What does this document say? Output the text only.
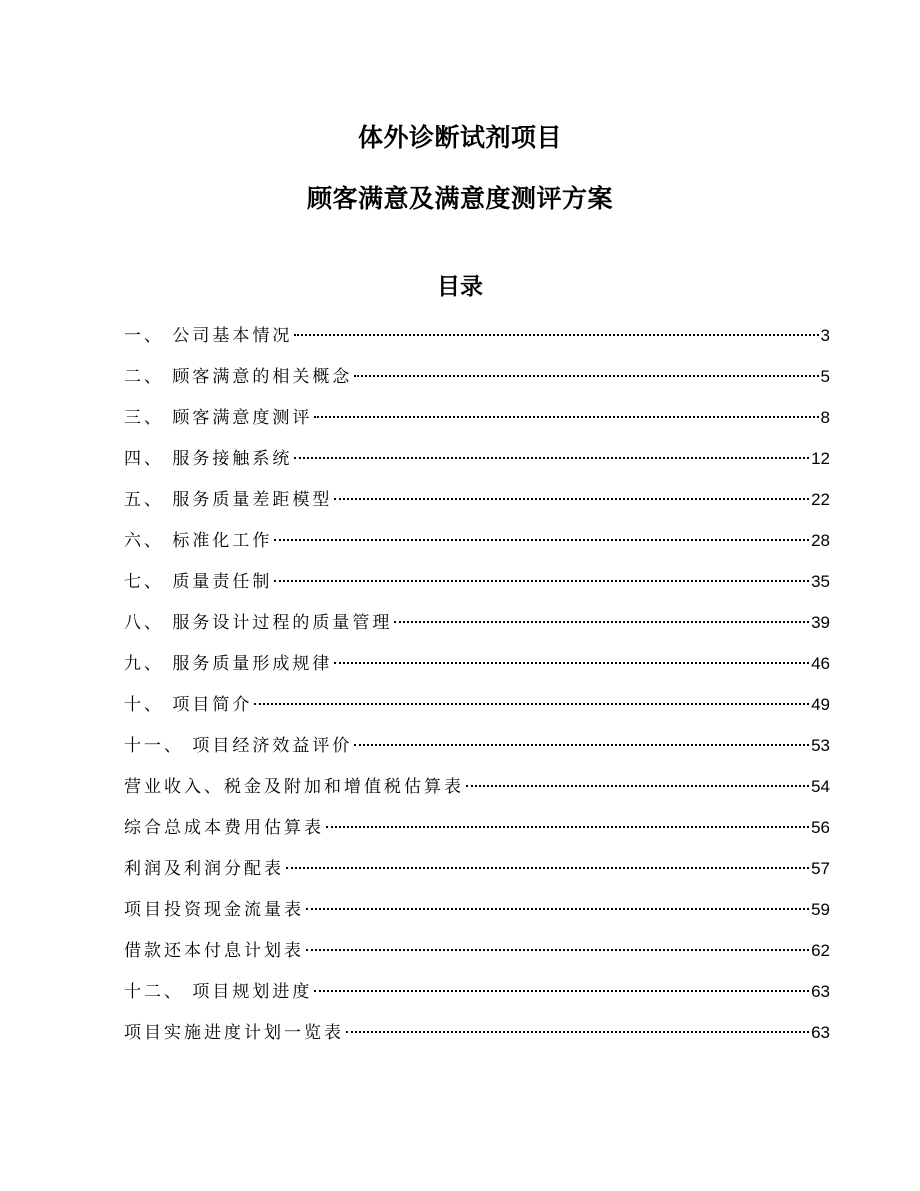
体外诊断试剂项目
顾客满意及满意度测评方案
目录
一、 公司基本情况	3
二、 顾客满意的相关概念	5
三、 顾客满意度测评	8
四、 服务接触系统	12
五、 服务质量差距模型	22
六、 标准化工作	28
七、 质量责任制	35
八、 服务设计过程的质量管理	39
九、 服务质量形成规律	46
十、 项目简介	49
十一、 项目经济效益评价	53
营业收入、税金及附加和增值税估算表	54
综合总成本费用估算表	56
利润及利润分配表	57
项目投资现金流量表	59
借款还本付息计划表	62
十二、 项目规划进度	63
项目实施进度计划一览表	63
